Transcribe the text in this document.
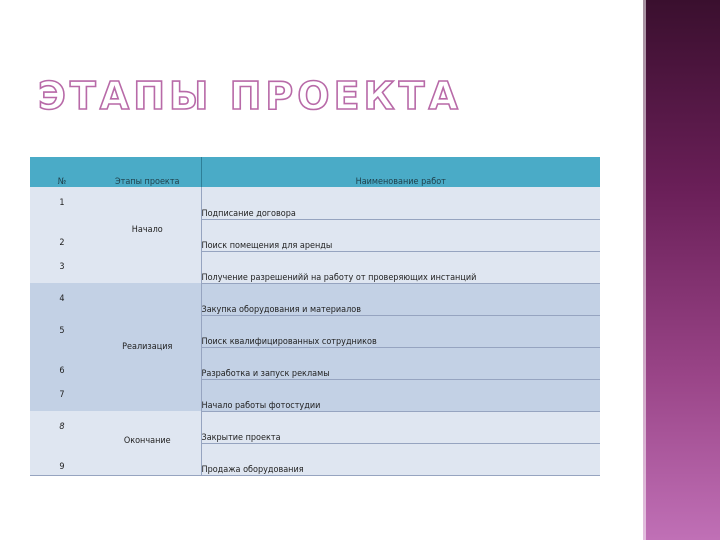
ЭТАПЫ ПРОЕКТА
№	Этапы проекта	Наименование работ
1	Начало	Подписание договора
2		Поиск помещения для аренды
3		Получение разрешенийй на работу от проверяющих инстанций
4	Реализация	Закупка оборудования и материалов
5		Поиск квалифицированных сотрудников
6		Разработка и запуск рекламы
7		Начало работы фотостудии
8	Окончание	Закрытие проекта
9		Продажа оборудования
